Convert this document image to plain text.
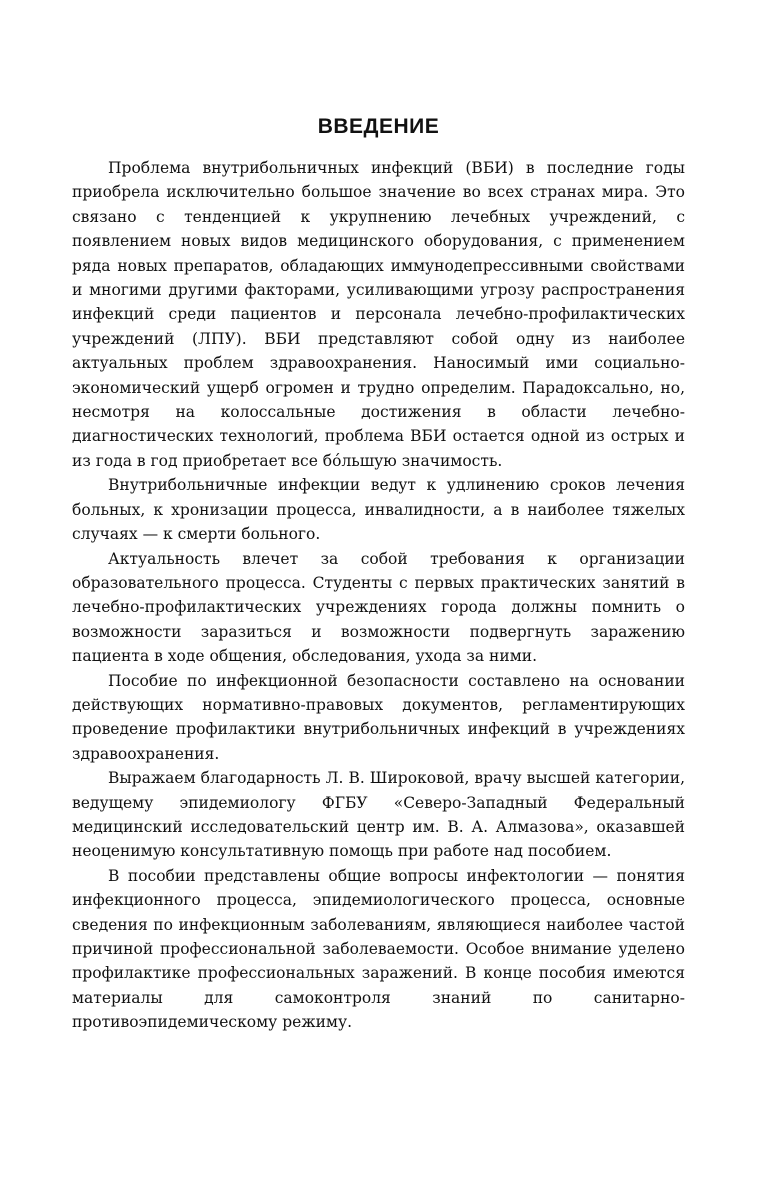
ВВЕДЕНИЕ

Проблема внутрибольничных инфекций (ВБИ) в последние годы приобрела исключительно большое значение во всех странах мира. Это связано с тенденцией к укрупнению лечебных учреждений, с появлением новых видов медицинского оборудования, с применением ряда новых препаратов, обладающих иммунодепрессивными свойствами и многими другими факторами, усиливающими угрозу распространения инфекций среди пациентов и персонала лечебно-профилактических учреждений (ЛПУ). ВБИ представляют собой одну из наиболее актуальных проблем здравоохранения. Наносимый ими социально-экономический ущерб огромен и трудно определим. Парадоксально, но, несмотря на колоссальные достижения в области лечебно-диагностических технологий, проблема ВБИ остается одной из острых и из года в год приобретает все бóльшую значимость.

Внутрибольничные инфекции ведут к удлинению сроков лечения больных, к хронизации процесса, инвалидности, а в наиболее тяжелых случаях — к смерти больного.

Актуальность влечет за собой требования к организации образовательного процесса. Студенты с первых практических занятий в лечебно-профилактических учреждениях города должны помнить о возможности заразиться и возможности подвергнуть заражению пациента в ходе общения, обследования, ухода за ними.

Пособие по инфекционной безопасности составлено на основании действующих нормативно-правовых документов, регламентирующих проведение профилактики внутрибольничных инфекций в учреждениях здравоохранения.

Выражаем благодарность Л. В. Широковой, врачу высшей категории, ведущему эпидемиологу ФГБУ «Северо-Западный Федеральный медицинский исследовательский центр им. В. А. Алмазова», оказавшей неоценимую консультативную помощь при работе над пособием.

В пособии представлены общие вопросы инфектологии — понятия инфекционного процесса, эпидемиологического процесса, основные сведения по инфекционным заболеваниям, являющиеся наиболее частой причиной профессиональной заболеваемости. Особое внимание уделено профилактике профессиональных заражений. В конце пособия имеются материалы для самоконтроля знаний по санитарно-противоэпидемическому режиму.
